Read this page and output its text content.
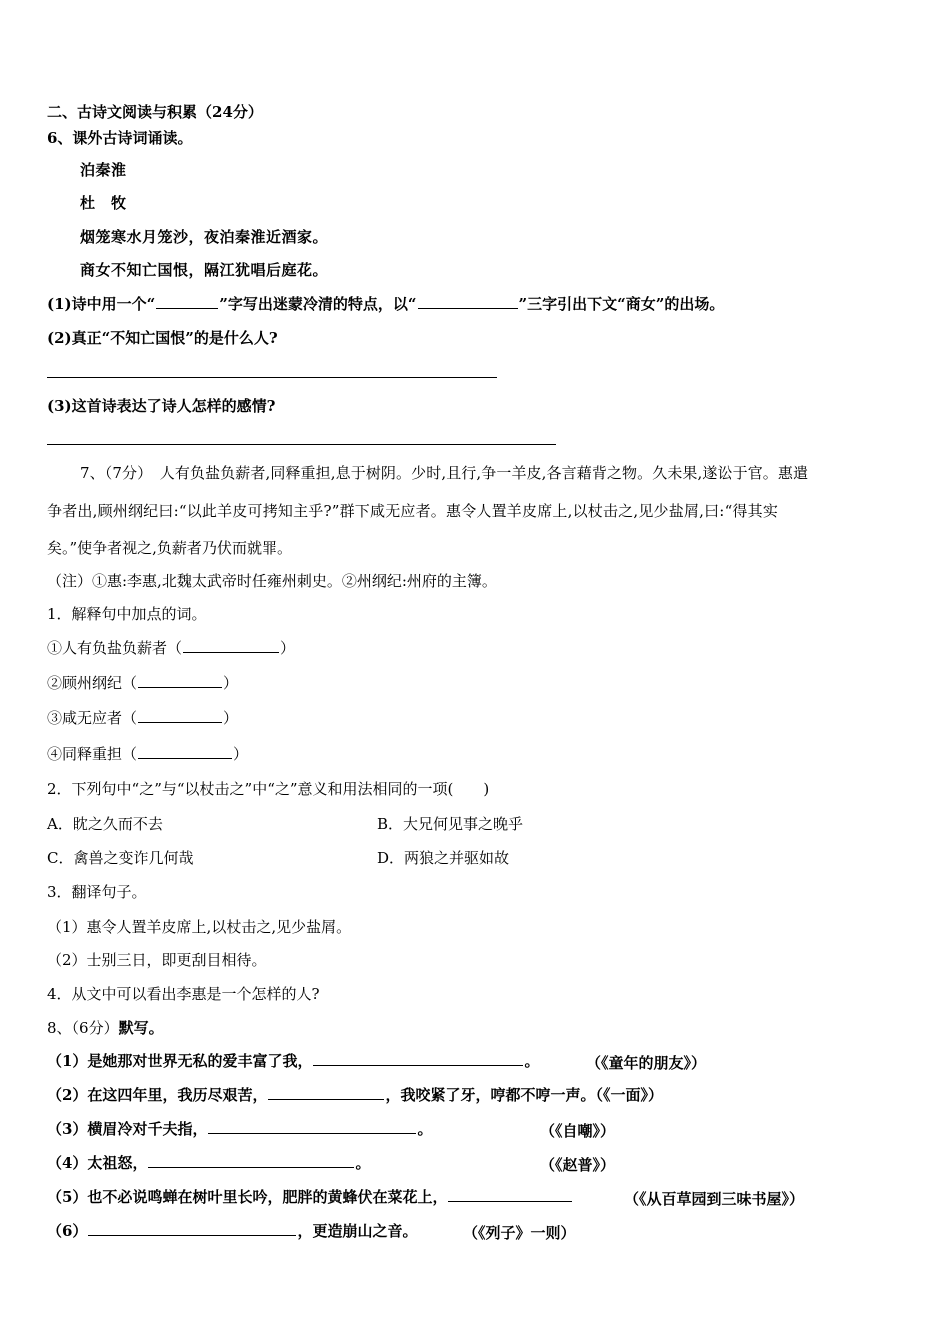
二、古诗文阅读与积累（24分）
6、课外古诗词诵读。
泊秦淮
杜　牧
烟笼寒水月笼沙，夜泊秦淮近酒家。
商女不知亡国恨，隔江犹唱后庭花。
(1)诗中用一个“	”字写出迷蒙冷清的特点，以“	”三字引出下文“商女”的出场。
(2)真正“不知亡国恨”的是什么人?
(3)这首诗表达了诗人怎样的感情?
7、（7分）　人有负盐负薪者,同释重担,息于树阴。少时,且行,争一羊皮,各言藉背之物。久未果,遂讼于官。惠遣
争者出,顾州纲纪曰:“以此羊皮可拷知主乎?”群下咸无应者。惠令人置羊皮席上,以杖击之,见少盐屑,曰:“得其实
矣。”使争者视之,负薪者乃伏而就罪。
（注）①惠:李惠,北魏太武帝时任雍州刺史。②州纲纪:州府的主簿。
1．解释句中加点的词。
①人有负盐负薪者（	）
②顾州纲纪（	）
③咸无应者（	）
④同释重担（	）
2．下列句中“之”与“以杖击之”中“之”意义和用法相同的一项(　　)
A．眈之久而不去	B．大兄何见事之晚乎
C．禽兽之变诈几何哉	D．两狼之并驱如故
3．翻译句子。
（1）惠令人置羊皮席上,以杖击之,见少盐屑。
（2）士别三日，即更刮目相待。
4．从文中可以看出李惠是一个怎样的人?
8、（6分）默写。
（1）是她那对世界无私的爱丰富了我，	。	（《童年的朋友》）
（2）在这四年里，我历尽艰苦，	，我咬紧了牙，哼都不哼一声。（《一面》）
（3）横眉冷对千夫指，	。	（《自嘲》）
（4）太祖怒，	。	（《赵普》）
（5）也不必说鸣蝉在树叶里长吟，肥胖的黄蜂伏在菜花上，	（《从百草园到三味书屋》）
（6）	，更造崩山之音。	（《列子》一则）
